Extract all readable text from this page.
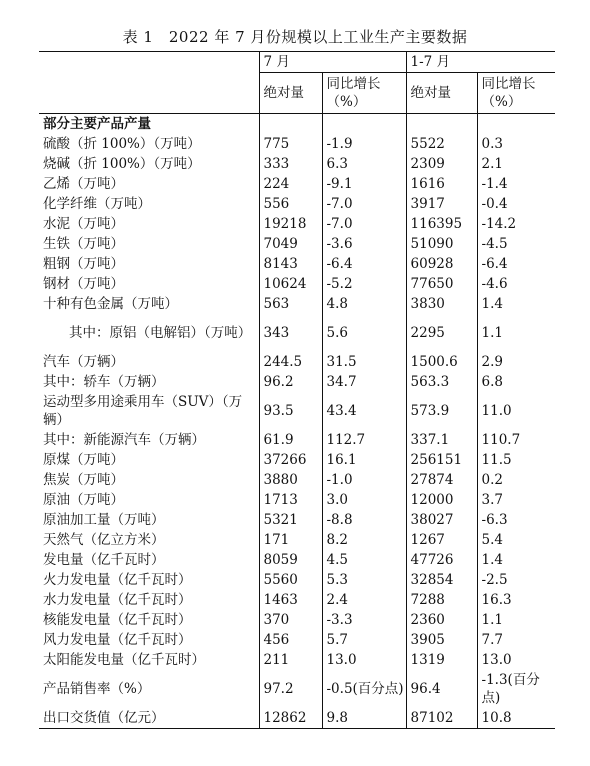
表 1　2022 年 7 月份规模以上工业生产主要数据
	7 月		1-7 月	
	绝对量	同比增长（%）	绝对量	同比增长（%）
部分主要产品产量				
硫酸（折 100%）（万吨）	775	-1.9	5522	0.3
烧碱（折 100%）（万吨）	333	6.3	2309	2.1
乙烯（万吨）	224	-9.1	1616	-1.4
化学纤维（万吨）	556	-7.0	3917	-0.4
水泥（万吨）	19218	-7.0	116395	-14.2
生铁（万吨）	7049	-3.6	51090	-4.5
粗钢（万吨）	8143	-6.4	60928	-6.4
钢材（万吨）	10624	-5.2	77650	-4.6
十种有色金属（万吨）	563	4.8	3830	1.4
其中：原铝（电解铝）（万吨）	343	5.6	2295	1.1
汽车（万辆）	244.5	31.5	1500.6	2.9
其中：轿车（万辆）	96.2	34.7	563.3	6.8
运动型多用途乘用车（SUV）（万辆）	93.5	43.4	573.9	11.0
其中：新能源汽车（万辆）	61.9	112.7	337.1	110.7
原煤（万吨）	37266	16.1	256151	11.5
焦炭（万吨）	3880	-1.0	27874	0.2
原油（万吨）	1713	3.0	12000	3.7
原油加工量（万吨）	5321	-8.8	38027	-6.3
天然气（亿立方米）	171	8.2	1267	5.4
发电量（亿千瓦时）	8059	4.5	47726	1.4
火力发电量（亿千瓦时）	5560	5.3	32854	-2.5
水力发电量（亿千瓦时）	1463	2.4	7288	16.3
核能发电量（亿千瓦时）	370	-3.3	2360	1.1
风力发电量（亿千瓦时）	456	5.7	3905	7.7
太阳能发电量（亿千瓦时）	211	13.0	1319	13.0
产品销售率（%）	97.2	-0.5(百分点)	96.4	-1.3(百分点)
出口交货值（亿元）	12862	9.8	87102	10.8
